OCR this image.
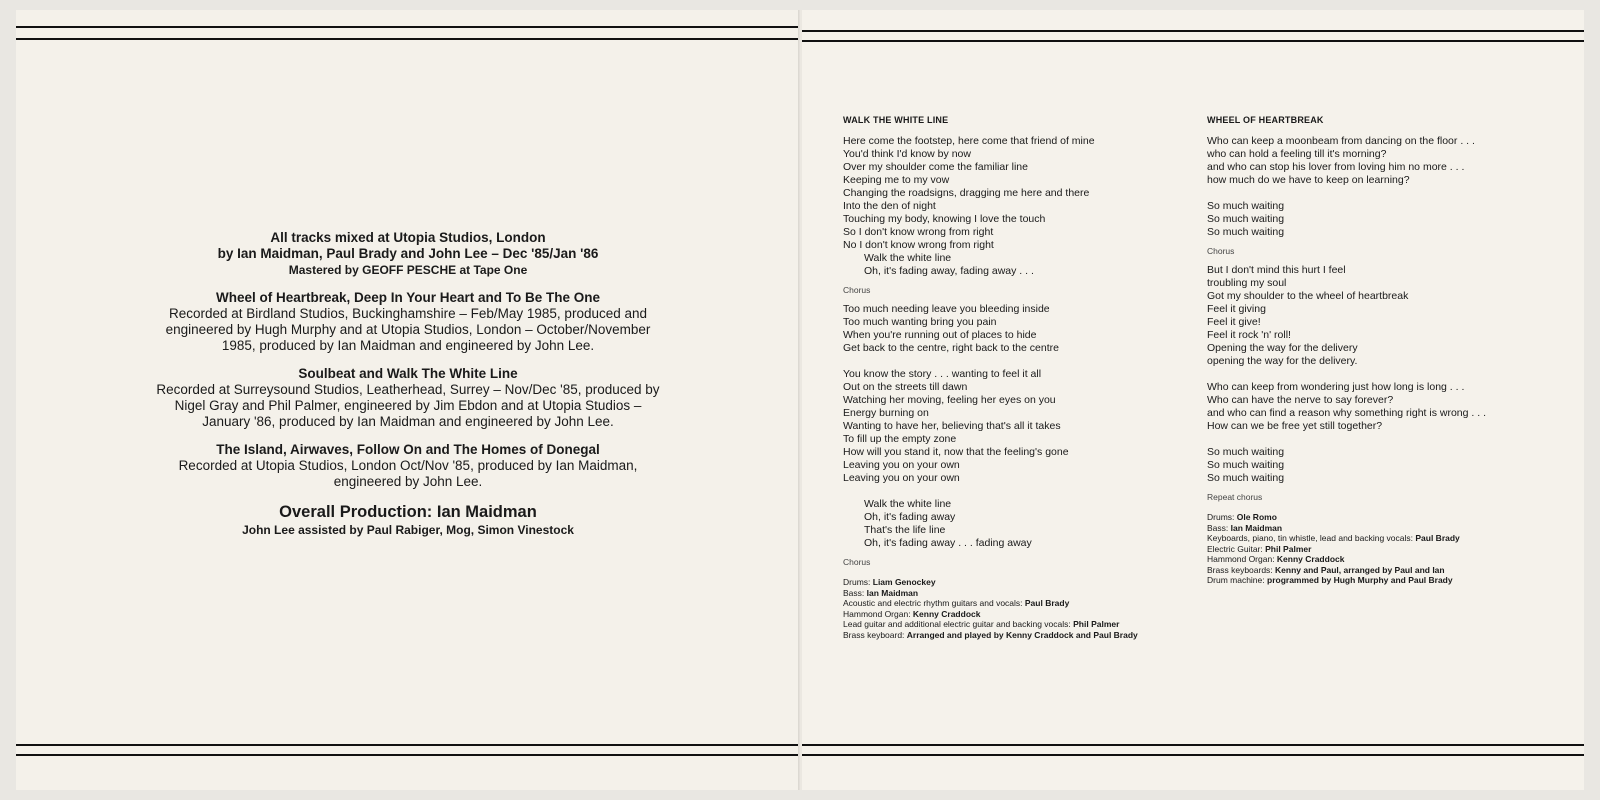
All tracks mixed at Utopia Studios, London
by Ian Maidman, Paul Brady and John Lee – Dec '85/Jan '86
Mastered by GEOFF PESCHE at Tape One
Wheel of Heartbreak, Deep In Your Heart and To Be The One
Recorded at Birdland Studios, Buckinghamshire – Feb/May 1985, produced and
engineered by Hugh Murphy and at Utopia Studios, London – October/November
1985, produced by Ian Maidman and engineered by John Lee.
Soulbeat and Walk The White Line
Recorded at Surreysound Studios, Leatherhead, Surrey – Nov/Dec '85, produced by
Nigel Gray and Phil Palmer, engineered by Jim Ebdon and at Utopia Studios –
January '86, produced by Ian Maidman and engineered by John Lee.
The Island, Airwaves, Follow On and The Homes of Donegal
Recorded at Utopia Studios, London Oct/Nov '85, produced by Ian Maidman,
engineered by John Lee.
Overall Production: Ian Maidman
John Lee assisted by Paul Rabiger, Mog, Simon Vinestock
WALK THE WHITE LINE
Here come the footstep, here come that friend of mine
You'd think I'd know by now
Over my shoulder come the familiar line
Keeping me to my vow
Changing the roadsigns, dragging me here and there
Into the den of night
Touching my body, knowing I love the touch
So I don't know wrong from right
No I don't know wrong from right
Walk the white line
Oh, it's fading away, fading away . . .
Chorus
Too much needing leave you bleeding inside
Too much wanting bring you pain
When you're running out of places to hide
Get back to the centre, right back to the centre
You know the story . . . wanting to feel it all
Out on the streets till dawn
Watching her moving, feeling her eyes on you
Energy burning on
Wanting to have her, believing that's all it takes
To fill up the empty zone
How will you stand it, now that the feeling's gone
Leaving you on your own
Leaving you on your own
Walk the white line
Oh, it's fading away
That's the life line
Oh, it's fading away . . . fading away
Chorus
Drums: Liam Genockey
Bass: Ian Maidman
Acoustic and electric rhythm guitars and vocals: Paul Brady
Hammond Organ: Kenny Craddock
Lead guitar and additional electric guitar and backing vocals: Phil Palmer
Brass keyboard: Arranged and played by Kenny Craddock and Paul Brady
WHEEL OF HEARTBREAK
Who can keep a moonbeam from dancing on the floor . . .
who can hold a feeling till it's morning?
and who can stop his lover from loving him no more . . .
how much do we have to keep on learning?
So much waiting
So much waiting
So much waiting
Chorus
But I don't mind this hurt I feel
troubling my soul
Got my shoulder to the wheel of heartbreak
Feel it giving
Feel it give!
Feel it rock 'n' roll!
Opening the way for the delivery
opening the way for the delivery.
Who can keep from wondering just how long is long . . .
Who can have the nerve to say forever?
and who can find a reason why something right is wrong . . .
How can we be free yet still together?
So much waiting
So much waiting
So much waiting
Repeat chorus
Drums: Ole Romo
Bass: Ian Maidman
Keyboards, piano, tin whistle, lead and backing vocals: Paul Brady
Electric Guitar: Phil Palmer
Hammond Organ: Kenny Craddock
Brass keyboards: Kenny and Paul, arranged by Paul and Ian
Drum machine: programmed by Hugh Murphy and Paul Brady
